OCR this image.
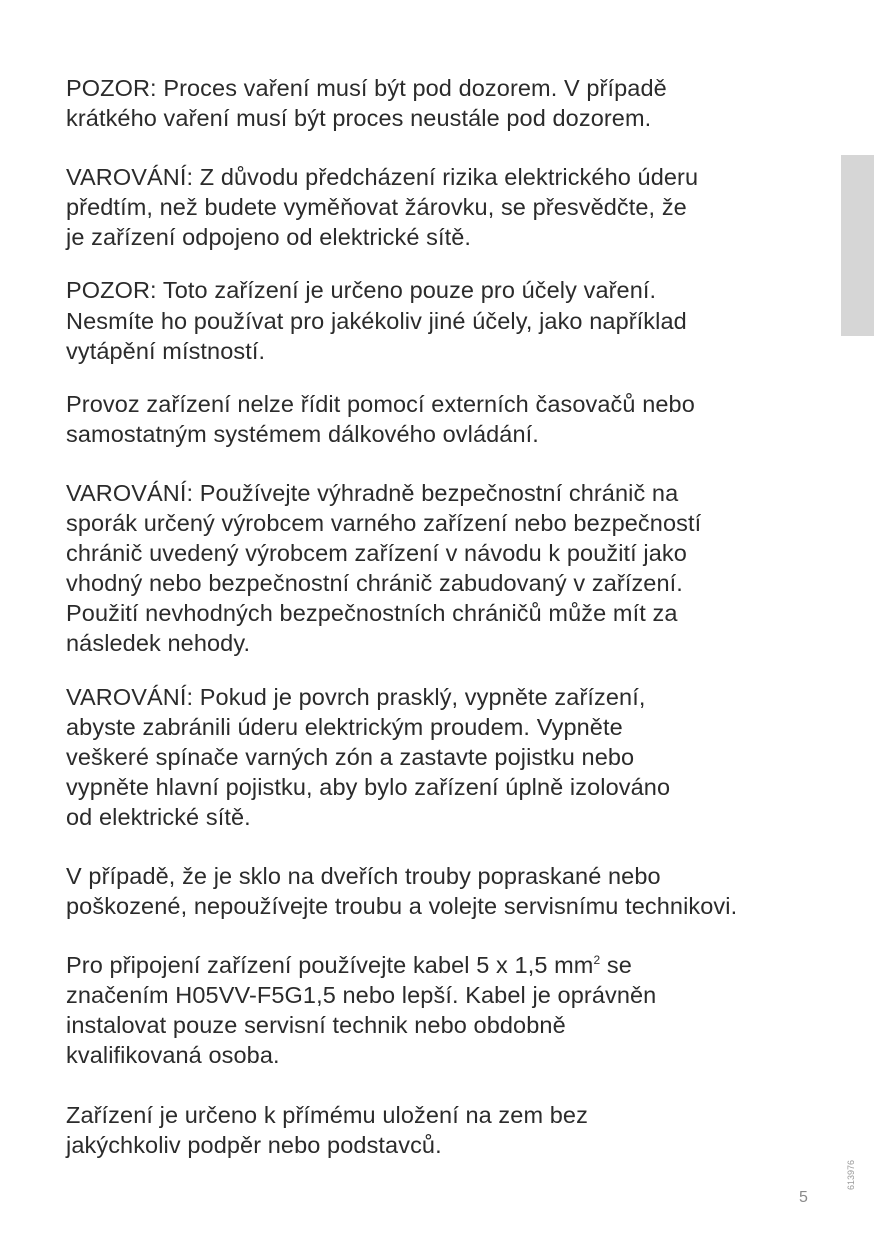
POZOR: Proces vaření musí být pod dozorem. V případě
krátkého vaření musí být proces neustále pod dozorem.

VAROVÁNÍ: Z důvodu předcházení rizika elektrického úderu
předtím, než budete vyměňovat žárovku, se přesvědčte, že
je zařízení odpojeno od elektrické sítě.

POZOR: Toto zařízení je určeno pouze pro účely vaření.
Nesmíte ho používat pro jakékoliv jiné účely, jako například
vytápění místností.

Provoz zařízení nelze řídit pomocí externích časovačů nebo
samostatným systémem dálkového ovládání.

VAROVÁNÍ: Používejte výhradně bezpečnostní chránič na
sporák určený výrobcem varného zařízení nebo bezpečností
chránič uvedený výrobcem zařízení v návodu k použití jako
vhodný nebo bezpečnostní chránič zabudovaný v zařízení.
Použití nevhodných bezpečnostních chráničů může mít za
následek nehody.

VAROVÁNÍ: Pokud je povrch prasklý, vypněte zařízení,
abyste zabránili úderu elektrickým proudem. Vypněte
veškeré spínače varných zón a zastavte pojistku nebo
vypněte hlavní pojistku, aby bylo zařízení úplně izolováno
od elektrické sítě.

V případě, že je sklo na dveřích trouby popraskané nebo
poškozené, nepoužívejte troubu a volejte servisnímu technikovi.

Pro připojení zařízení používejte kabel 5 x 1,5 $mm^2$ se
značením H05VV-F5G1,5 nebo lepší. Kabel je oprávněn
instalovat pouze servisní technik nebo obdobně
kvalifikovaná osoba.

Zařízení je určeno k přímému uložení na zem bez
jakýchkoliv podpěr nebo podstavců.

613976
5
